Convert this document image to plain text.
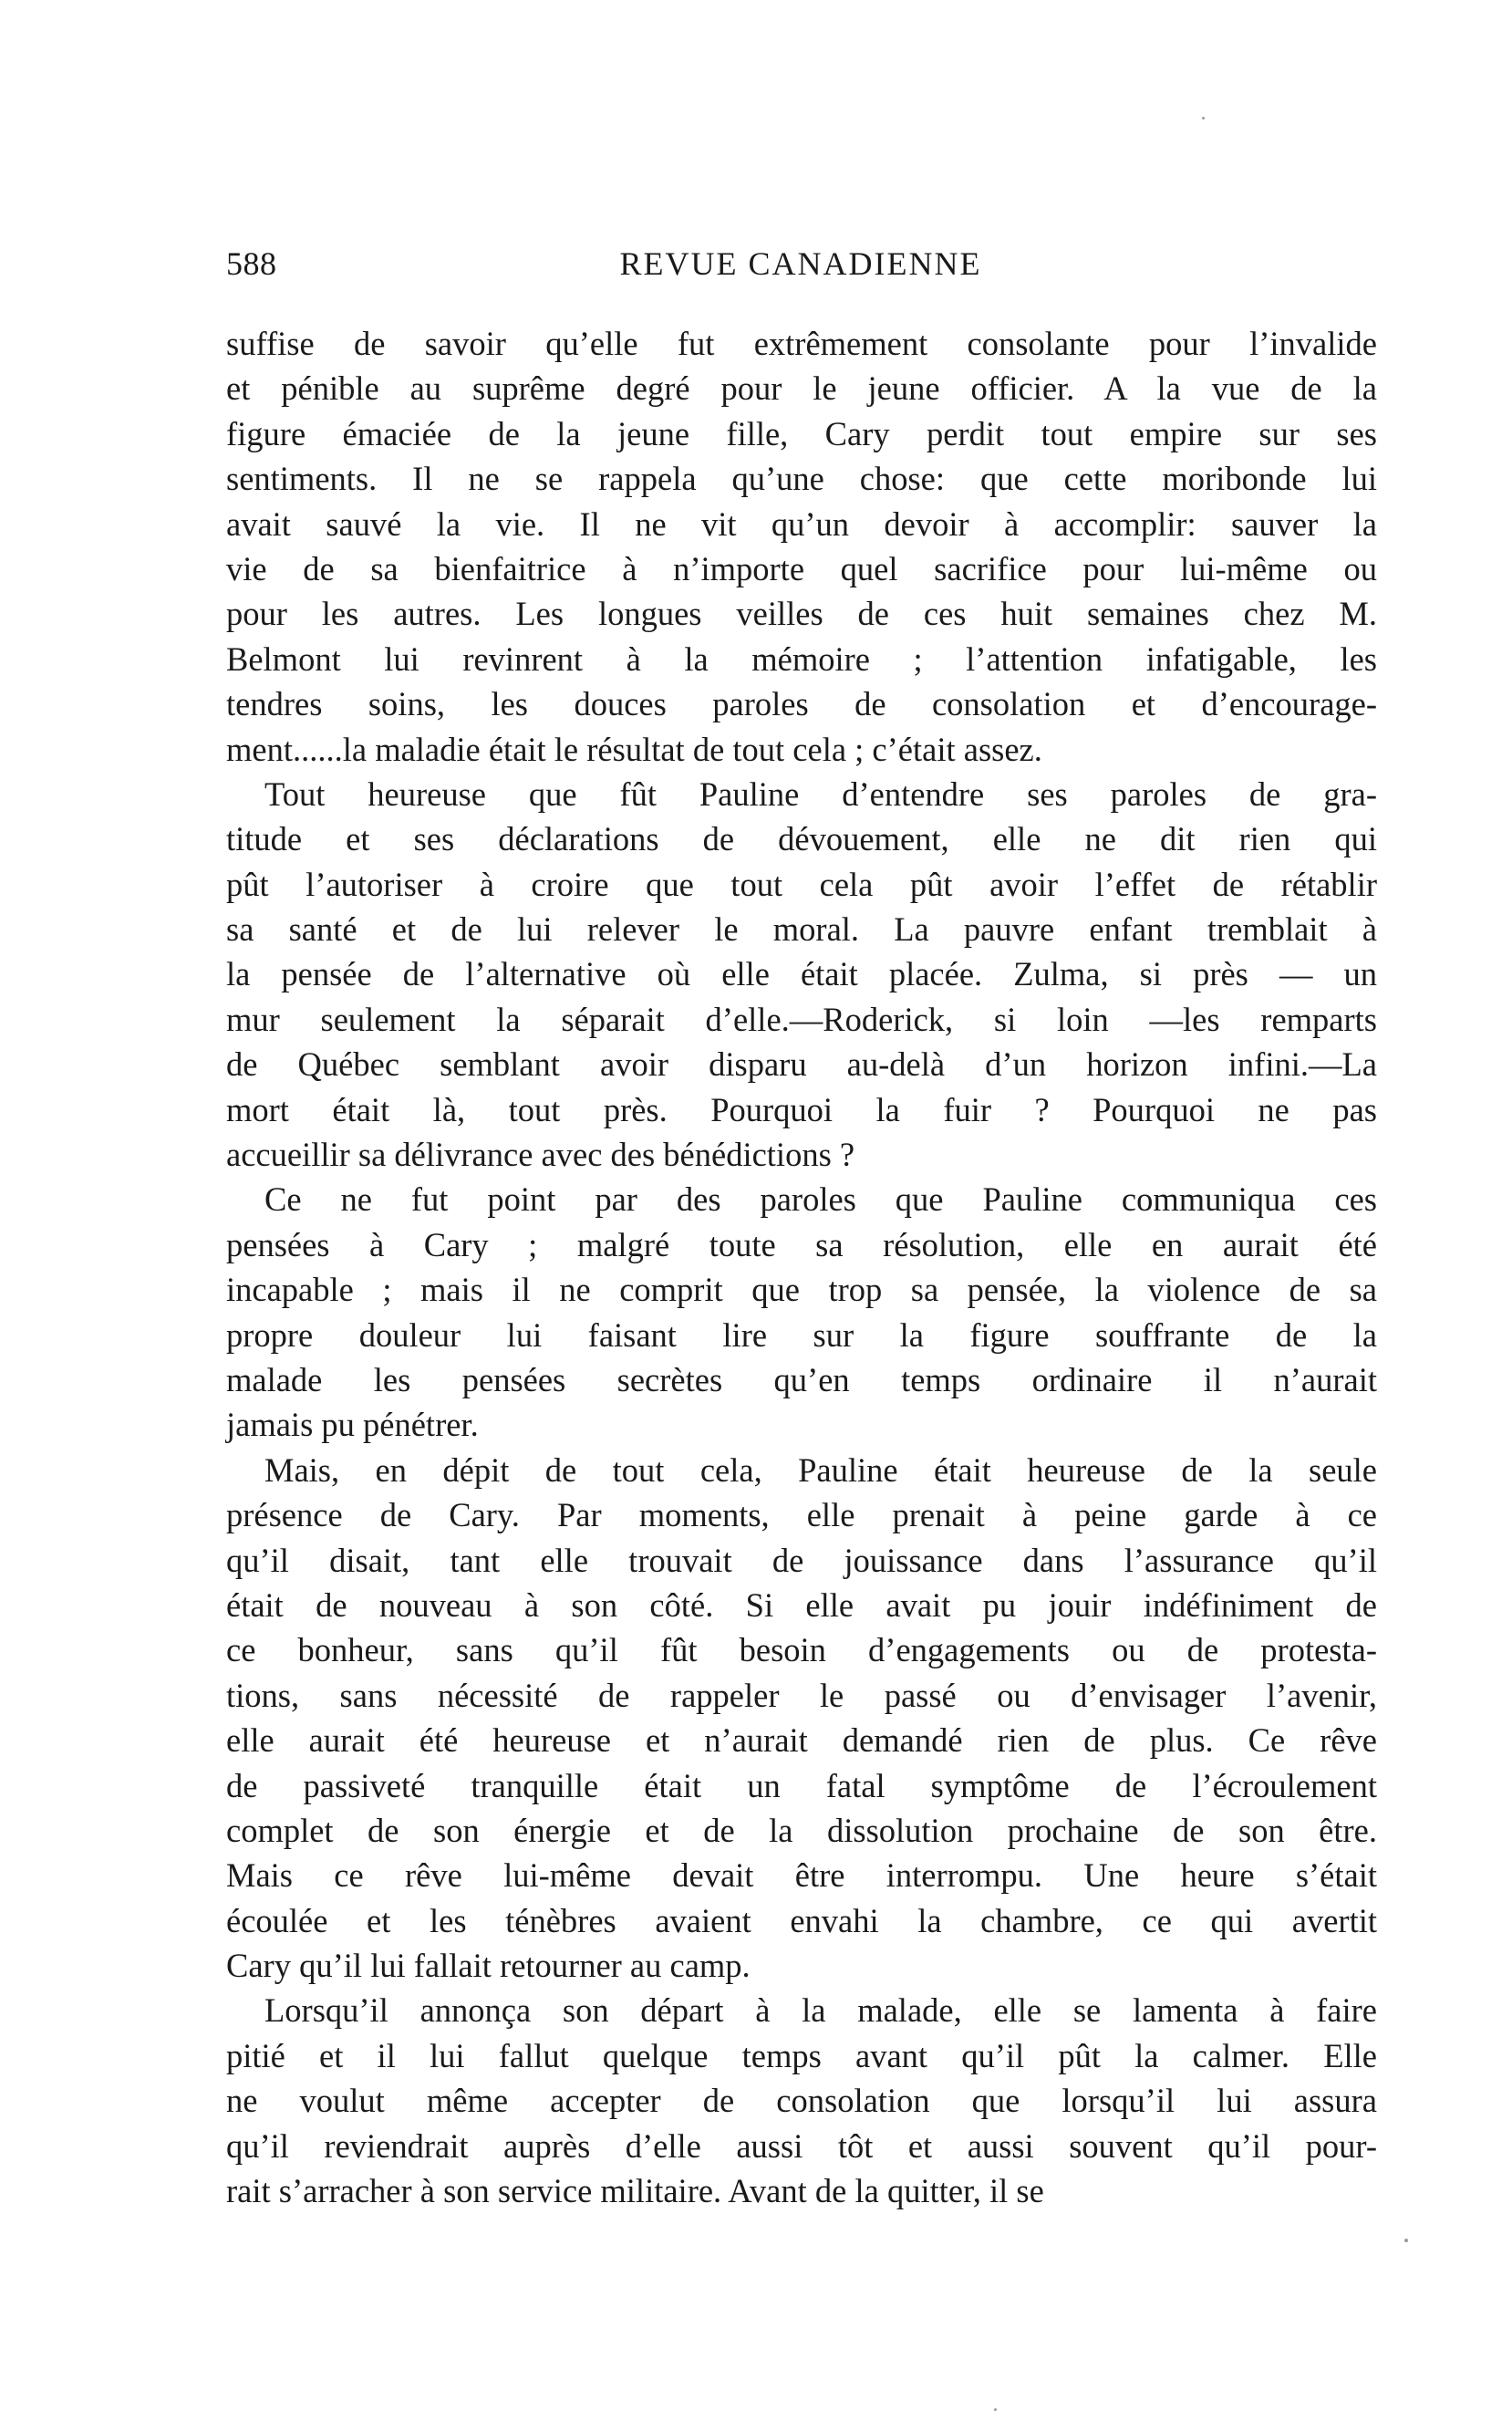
588	REVUE CANADIENNE
suffise de savoir qu’elle fut extrêmement consolante pour l’invalide
et pénible au suprême degré pour le jeune officier. A la vue de la
figure émaciée de la jeune fille, Cary perdit tout empire sur ses
sentiments. Il ne se rappela qu’une chose: que cette moribonde lui
avait sauvé la vie. Il ne vit qu’un devoir à accomplir: sauver la
vie de sa bienfaitrice à n’importe quel sacrifice pour lui-même ou
pour les autres. Les longues veilles de ces huit semaines chez M.
Belmont lui revinrent à la mémoire ; l’attention infatigable, les
tendres soins, les douces paroles de consolation et d’encourage-
ment......la maladie était le résultat de tout cela ; c’était assez.
Tout heureuse que fût Pauline d’entendre ses paroles de gra-
titude et ses déclarations de dévouement, elle ne dit rien qui
pût l’autoriser à croire que tout cela pût avoir l’effet de rétablir
sa santé et de lui relever le moral. La pauvre enfant tremblait à
la pensée de l’alternative où elle était placée. Zulma, si près — un
mur seulement la séparait d’elle.—Roderick, si loin —les remparts
de Québec semblant avoir disparu au-delà d’un horizon infini.—La
mort était là, tout près. Pourquoi la fuir ? Pourquoi ne pas
accueillir sa délivrance avec des bénédictions ?
Ce ne fut point par des paroles que Pauline communiqua ces
pensées à Cary ; malgré toute sa résolution, elle en aurait été
incapable ; mais il ne comprit que trop sa pensée, la violence de sa
propre douleur lui faisant lire sur la figure souffrante de la
malade les pensées secrètes qu’en temps ordinaire il n’aurait
jamais pu pénétrer.
Mais, en dépit de tout cela, Pauline était heureuse de la seule
présence de Cary. Par moments, elle prenait à peine garde à ce
qu’il disait, tant elle trouvait de jouissance dans l’assurance qu’il
était de nouveau à son côté. Si elle avait pu jouir indéfiniment de
ce bonheur, sans qu’il fût besoin d’engagements ou de protesta-
tions, sans nécessité de rappeler le passé ou d’envisager l’avenir,
elle aurait été heureuse et n’aurait demandé rien de plus. Ce rêve
de passiveté tranquille était un fatal symptôme de l’écroulement
complet de son énergie et de la dissolution prochaine de son être.
Mais ce rêve lui-même devait être interrompu. Une heure s’était
écoulée et les ténèbres avaient envahi la chambre, ce qui avertit
Cary qu’il lui fallait retourner au camp.
Lorsqu’il annonça son départ à la malade, elle se lamenta à faire
pitié et il lui fallut quelque temps avant qu’il pût la calmer. Elle
ne voulut même accepter de consolation que lorsqu’il lui assura
qu’il reviendrait auprès d’elle aussi tôt et aussi souvent qu’il pour-
rait s’arracher à son service militaire. Avant de la quitter, il se
